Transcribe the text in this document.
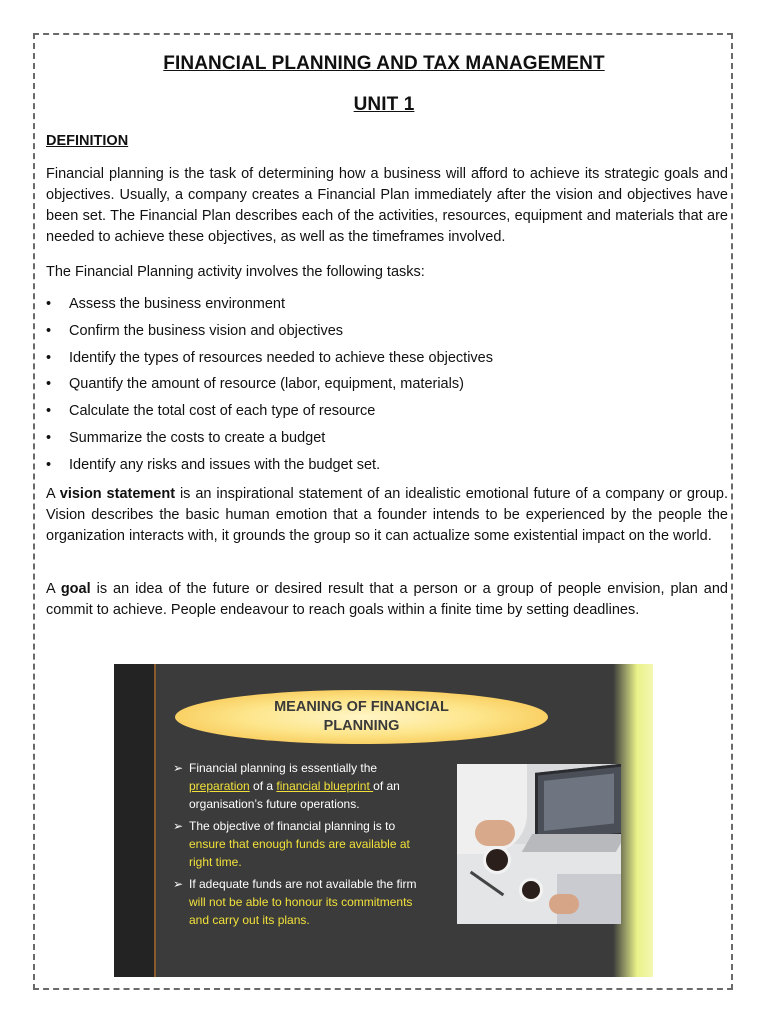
FINANCIAL PLANNING AND TAX MANAGEMENT
UNIT 1
DEFINITION

Financial planning is the task of determining how a business will afford to achieve its strategic goals and objectives. Usually, a company creates a Financial Plan immediately after the vision and objectives have been set. The Financial Plan describes each of the activities, resources, equipment and materials that are needed to achieve these objectives, as well as the timeframes involved.

The Financial Planning activity involves the following tasks:

• Assess the business environment
• Confirm the business vision and objectives
• Identify the types of resources needed to achieve these objectives
• Quantify the amount of resource (labor, equipment, materials)
• Calculate the total cost of each type of resource
• Summarize the costs to create a budget
• Identify any risks and issues with the budget set.

A vision statement is an inspirational statement of an idealistic emotional future of a company or group. Vision describes the basic human emotion that a founder intends to be experienced by the people the organization interacts with, it grounds the group so it can actualize some existential impact on the world.

A goal is an idea of the future or desired result that a person or a group of people envision, plan and commit to achieve. People endeavour to reach goals within a finite time by setting deadlines.

MEANING OF FINANCIAL
PLANNING
➢ Financial planning is essentially the preparation of a financial blueprint of an organisation’s future operations.
➢ The objective of financial planning is to ensure that enough funds are available at right time.
➢ If adequate funds are not available the firm will not be able to honour its commitments and carry out its plans.
